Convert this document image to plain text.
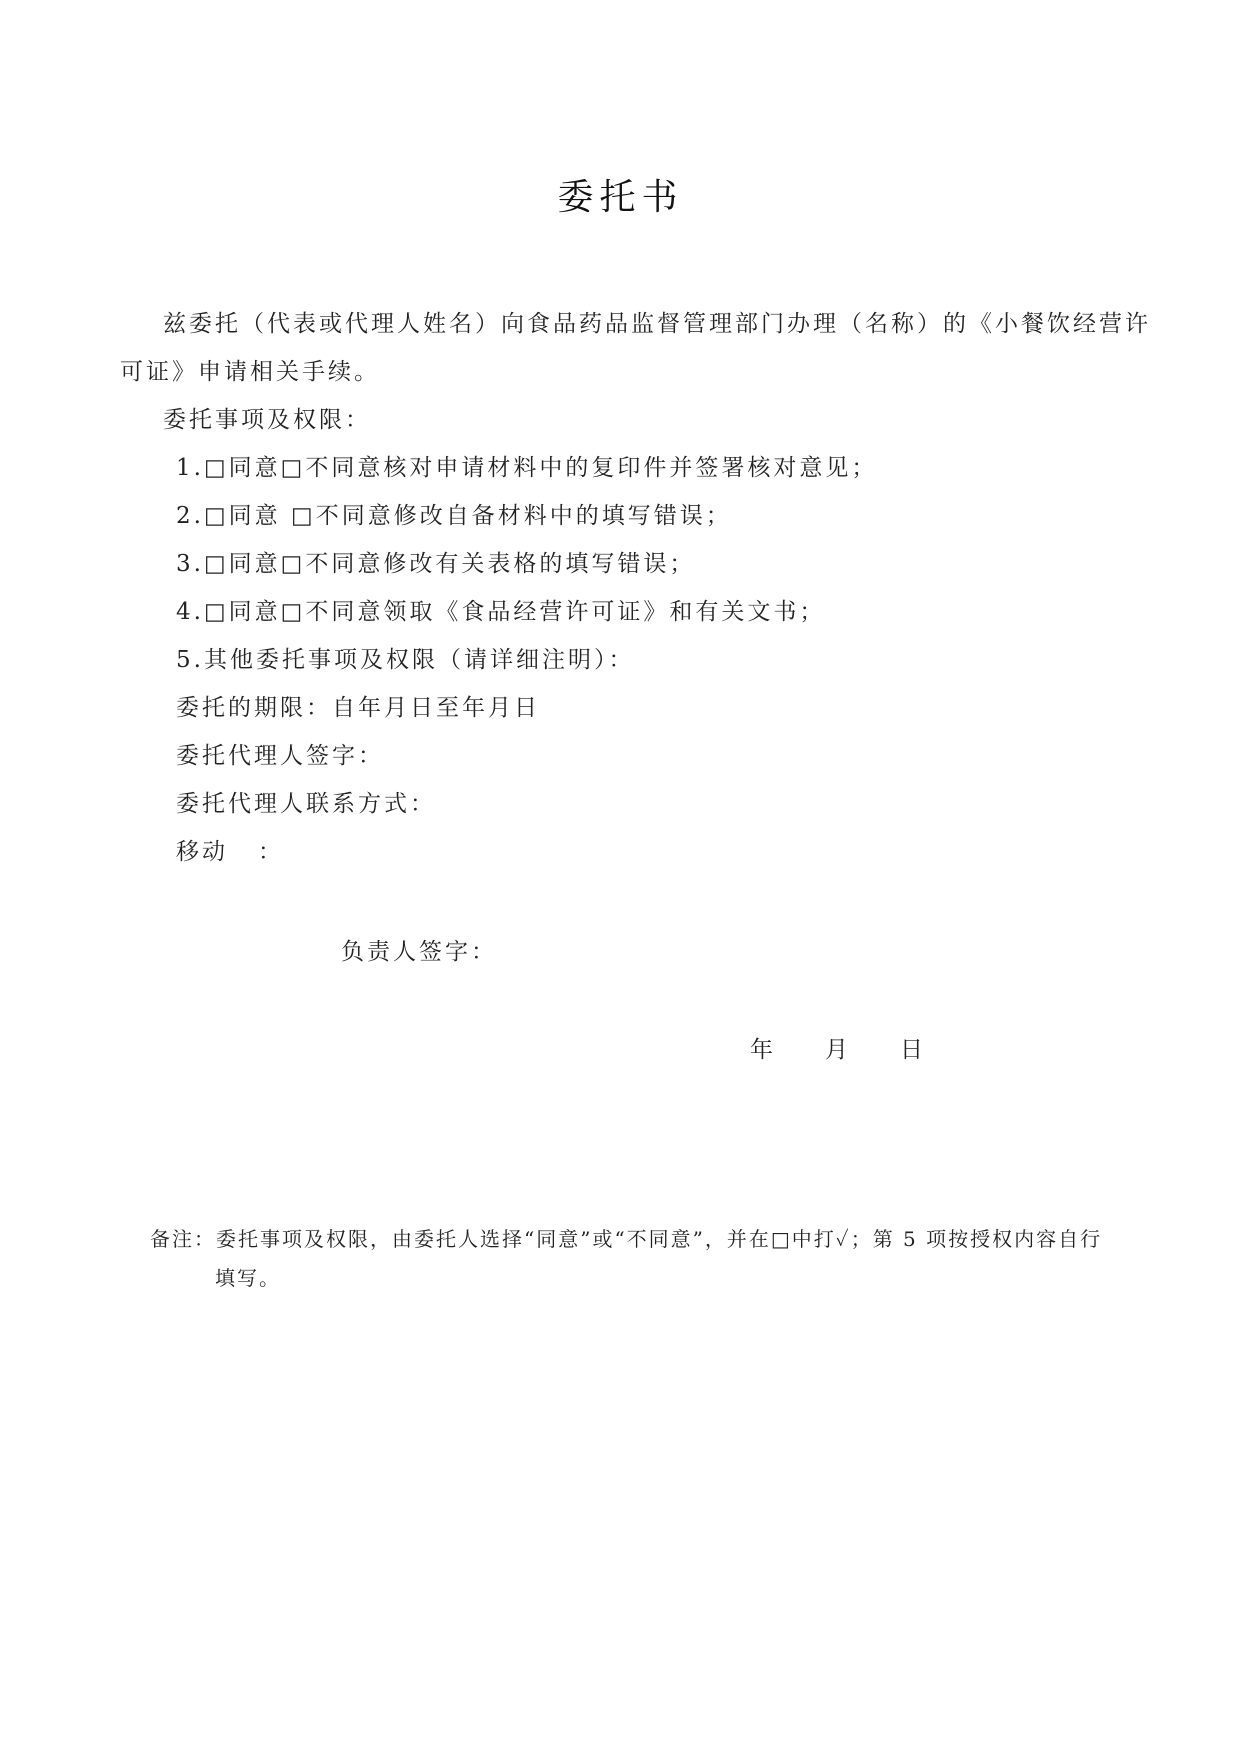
委托书
兹委托（代表或代理人姓名）向食品药品监督管理部门办理（名称）的《小餐饮经营许
可证》申请相关手续。
委托事项及权限：
1.□同意□不同意核对申请材料中的复印件并签署核对意见；
2.□同意 □不同意修改自备材料中的填写错误；
3.□同意□不同意修改有关表格的填写错误；
4.□同意□不同意领取《食品经营许可证》和有关文书；
5.其他委托事项及权限（请详细注明）：
委托的期限：自年月日至年月日
委托代理人签字：
委托代理人联系方式：
移动 ：
负责人签字：
年 月 日
备注：委托事项及权限，由委托人选择“同意”或“不同意”，并在□中打✓；第 5 项按授权内容自行
填写。
